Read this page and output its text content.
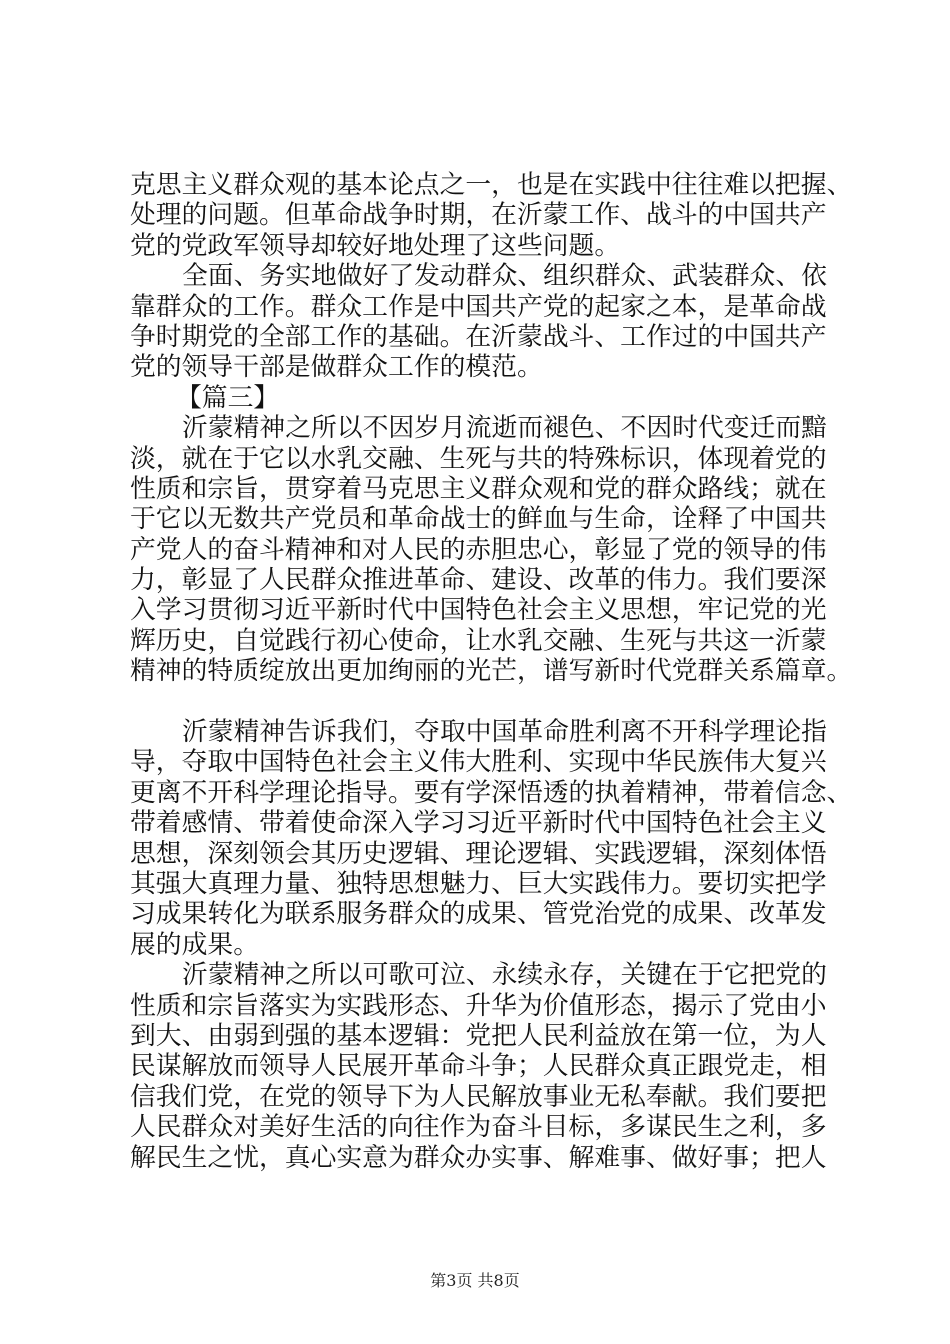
克思主义群众观的基本论点之一，也是在实践中往往难以把握、
处理的问题。但革命战争时期，在沂蒙工作、战斗的中国共产
党的党政军领导却较好地处理了这些问题。
全面、务实地做好了发动群众、组织群众、武装群众、依
靠群众的工作。群众工作是中国共产党的起家之本，是革命战
争时期党的全部工作的基础。在沂蒙战斗、工作过的中国共产
党的领导干部是做群众工作的模范。
【篇三】
沂蒙精神之所以不因岁月流逝而褪色、不因时代变迁而黯
淡，就在于它以水乳交融、生死与共的特殊标识，体现着党的
性质和宗旨，贯穿着马克思主义群众观和党的群众路线；就在
于它以无数共产党员和革命战士的鲜血与生命，诠释了中国共
产党人的奋斗精神和对人民的赤胆忠心，彰显了党的领导的伟
力，彰显了人民群众推进革命、建设、改革的伟力。我们要深
入学习贯彻习近平新时代中国特色社会主义思想，牢记党的光
辉历史，自觉践行初心使命，让水乳交融、生死与共这一沂蒙
精神的特质绽放出更加绚丽的光芒，谱写新时代党群关系篇章。
沂蒙精神告诉我们，夺取中国革命胜利离不开科学理论指
导，夺取中国特色社会主义伟大胜利、实现中华民族伟大复兴
更离不开科学理论指导。要有学深悟透的执着精神，带着信念、
带着感情、带着使命深入学习习近平新时代中国特色社会主义
思想，深刻领会其历史逻辑、理论逻辑、实践逻辑，深刻体悟
其强大真理力量、独特思想魅力、巨大实践伟力。要切实把学
习成果转化为联系服务群众的成果、管党治党的成果、改革发
展的成果。
沂蒙精神之所以可歌可泣、永续永存，关键在于它把党的
性质和宗旨落实为实践形态、升华为价值形态，揭示了党由小
到大、由弱到强的基本逻辑：党把人民利益放在第一位，为人
民谋解放而领导人民展开革命斗争；人民群众真正跟党走，相
信我们党，在党的领导下为人民解放事业无私奉献。我们要把
人民群众对美好生活的向往作为奋斗目标，多谋民生之利，多
解民生之忧，真心实意为群众办实事、解难事、做好事；把人
第3页 共8页
